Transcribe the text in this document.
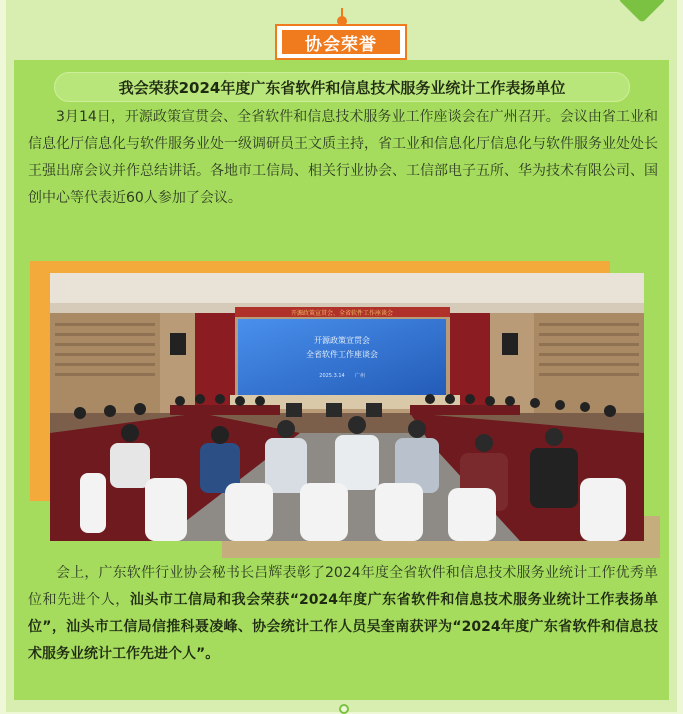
协会荣誉
我会荣获2024年度广东省软件和信息技术服务业统计工作表扬单位
3月14日，开源政策宣贯会、全省软件和信息技术服务业工作座谈会在广州召开。会议由省工业和信息化厅信息化与软件服务业处一级调研员王文质主持，省工业和信息化厅信息化与软件服务业处处长王强出席会议并作总结讲话。各地市工信局、相关行业协会、工信部电子五所、华为技术有限公司、国创中心等代表近60人参加了会议。
开源政策宣贯会、全省软件工作座谈会
开源政策宣贯会
全省软件工作座谈会
2025.3.14 广州
会上，广东软件行业协会秘书长吕辉表彰了2024年度全省软件和信息技术服务业统计工作优秀单位和先进个人，汕头市工信局和我会荣获“2024年度广东省软件和信息技术服务业统计工作表扬单位”，汕头市工信局信推科聂凌峰、协会统计工作人员吴奎南获评为“2024年度广东省软件和信息技术服务业统计工作先进个人”。
